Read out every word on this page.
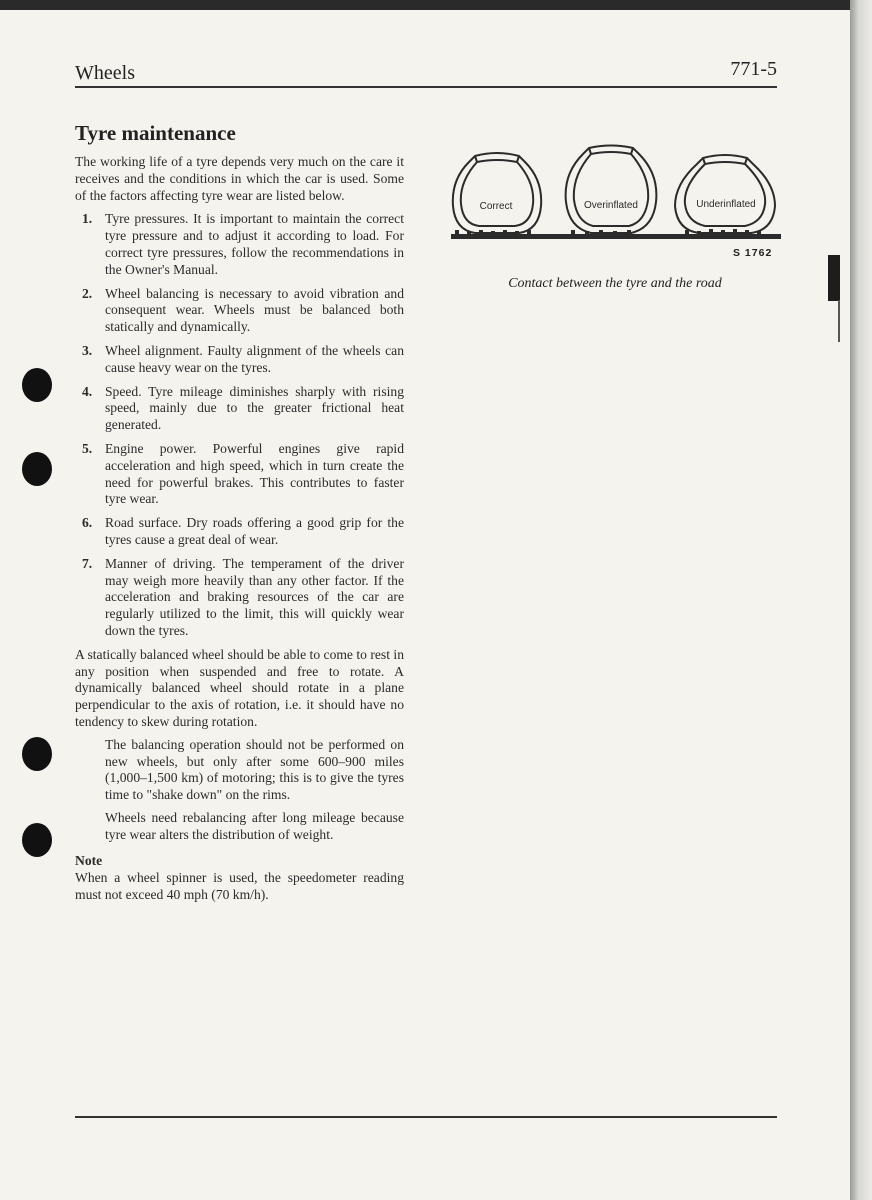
Wheels	771-5
Tyre maintenance

The working life of a tyre depends very much on the care it receives and the conditions in which the car is used. Some of the factors affecting tyre wear are listed below.

1. Tyre pressures. It is important to maintain the correct tyre pressure and to adjust it according to load. For correct tyre pressures, follow the recommendations in the Owner's Manual.
2. Wheel balancing is necessary to avoid vibration and consequent wear. Wheels must be balanced both statically and dynamically.
3. Wheel alignment. Faulty alignment of the wheels can cause heavy wear on the tyres.
4. Speed. Tyre mileage diminishes sharply with rising speed, mainly due to the greater frictional heat generated.
5. Engine power. Powerful engines give rapid acceleration and high speed, which in turn create the need for powerful brakes. This contributes to faster tyre wear.
6. Road surface. Dry roads offering a good grip for the tyres cause a great deal of wear.
7. Manner of driving. The temperament of the driver may weigh more heavily than any other factor. If the acceleration and braking resources of the car are regularly utilized to the limit, this will quickly wear down the tyres.

A statically balanced wheel should be able to come to rest in any position when suspended and free to rotate. A dynamically balanced wheel should rotate in a plane perpendicular to the axis of rotation, i.e. it should have no tendency to skew during rotation.

The balancing operation should not be performed on new wheels, but only after some 600–900 miles (1,000–1,500 km) of motoring; this is to give the tyres time to "shake down" on the rims.

Wheels need rebalancing after long mileage because tyre wear alters the distribution of weight.

Note

When a wheel spinner is used, the speedometer reading must not exceed 40 mph (70 km/h).

Correct	Overinflated	Underinflated
S 1762
Contact between the tyre and the road
